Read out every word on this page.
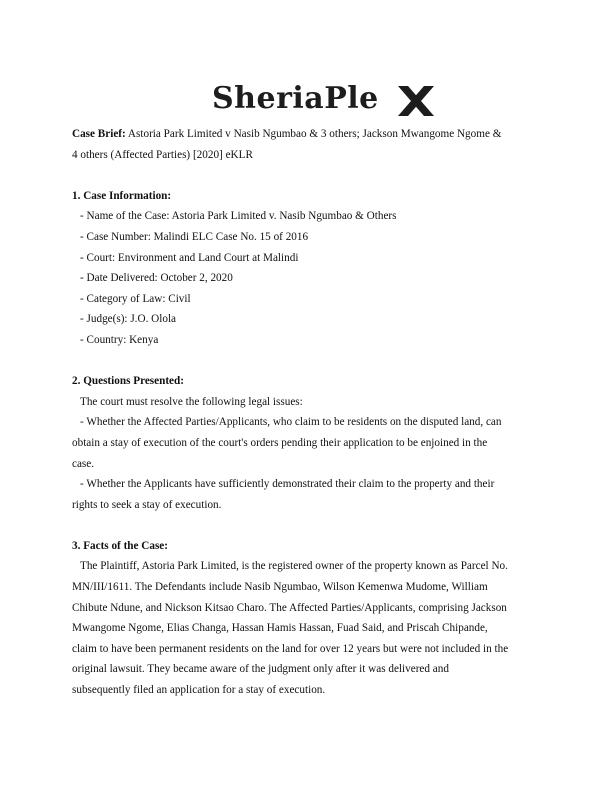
SheriaPle
Case Brief: Astoria Park Limited v Nasib Ngumbao & 3 others; Jackson Mwangome Ngome &
4 others (Affected Parties) [2020] eKLR
1. Case Information:
- Name of the Case: Astoria Park Limited v. Nasib Ngumbao & Others
- Case Number: Malindi ELC Case No. 15 of 2016
- Court: Environment and Land Court at Malindi
- Date Delivered: October 2, 2020
- Category of Law: Civil
- Judge(s): J.O. Olola
- Country: Kenya
2. Questions Presented:
The court must resolve the following legal issues:
- Whether the Affected Parties/Applicants, who claim to be residents on the disputed land, can
obtain a stay of execution of the court's orders pending their application to be enjoined in the
case.
- Whether the Applicants have sufficiently demonstrated their claim to the property and their
rights to seek a stay of execution.
3. Facts of the Case:
The Plaintiff, Astoria Park Limited, is the registered owner of the property known as Parcel No.
MN/III/1611. The Defendants include Nasib Ngumbao, Wilson Kemenwa Mudome, William
Chibute Ndune, and Nickson Kitsao Charo. The Affected Parties/Applicants, comprising Jackson
Mwangome Ngome, Elias Changa, Hassan Hamis Hassan, Fuad Said, and Priscah Chipande,
claim to have been permanent residents on the land for over 12 years but were not included in the
original lawsuit. They became aware of the judgment only after it was delivered and
subsequently filed an application for a stay of execution.
